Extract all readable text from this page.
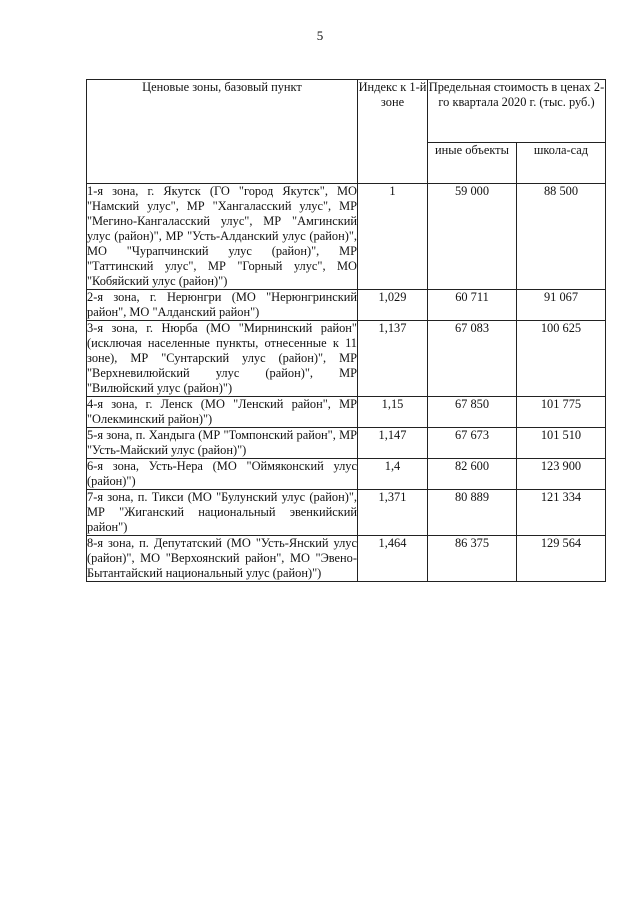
5
Ценовые зоны, базовый пункт	Индекс к 1-й зоне	Предельная стоимость в ценах 2-го квартала 2020 г. (тыс. руб.)	
		иные объекты	школа-сад
1-я зона, г. Якутск (ГО "город Якутск", МО "Намский улус", МР "Хангаласский улус", МР "Мегино-Кангаласский улус", МР "Амгинский улус (район)", МР "Усть-Алданский улус (район)", МО "Чурапчинский улус (район)", МР "Таттинский улус", МР "Горный улус", МО "Кобяйский улус (район)")	1	59 000	88 500
2-я зона, г. Нерюнгри (МО "Нерюнгринский район", МО "Алданский район")	1,029	60 711	91 067
3-я зона, г. Нюрба (МО "Мирнинский район" (исключая населенные пункты, отнесенные к 11 зоне), МР "Сунтарский улус (район)", МР "Верхневилюйский улус (район)", МР "Вилюйский улус (район)")	1,137	67 083	100 625
4-я зона, г. Ленск (МО "Ленский район", МР "Олекминский район)")	1,15	67 850	101 775
5-я зона, п. Хандыга (МР "Томпонский район", МР "Усть-Майский улус (район)")	1,147	67 673	101 510
6-я зона, Усть-Нера (МО "Оймяконский улус (район)")	1,4	82 600	123 900
7-я зона, п. Тикси (МО "Булунский улус (район)", МР "Жиганский национальный эвенкийский район")	1,371	80 889	121 334
8-я зона, п. Депутатский (МО "Усть-Янский улус (район)", МО "Верхоянский район", МО "Эвено-Бытантайский национальный улус (район)")	1,464	86 375	129 564
